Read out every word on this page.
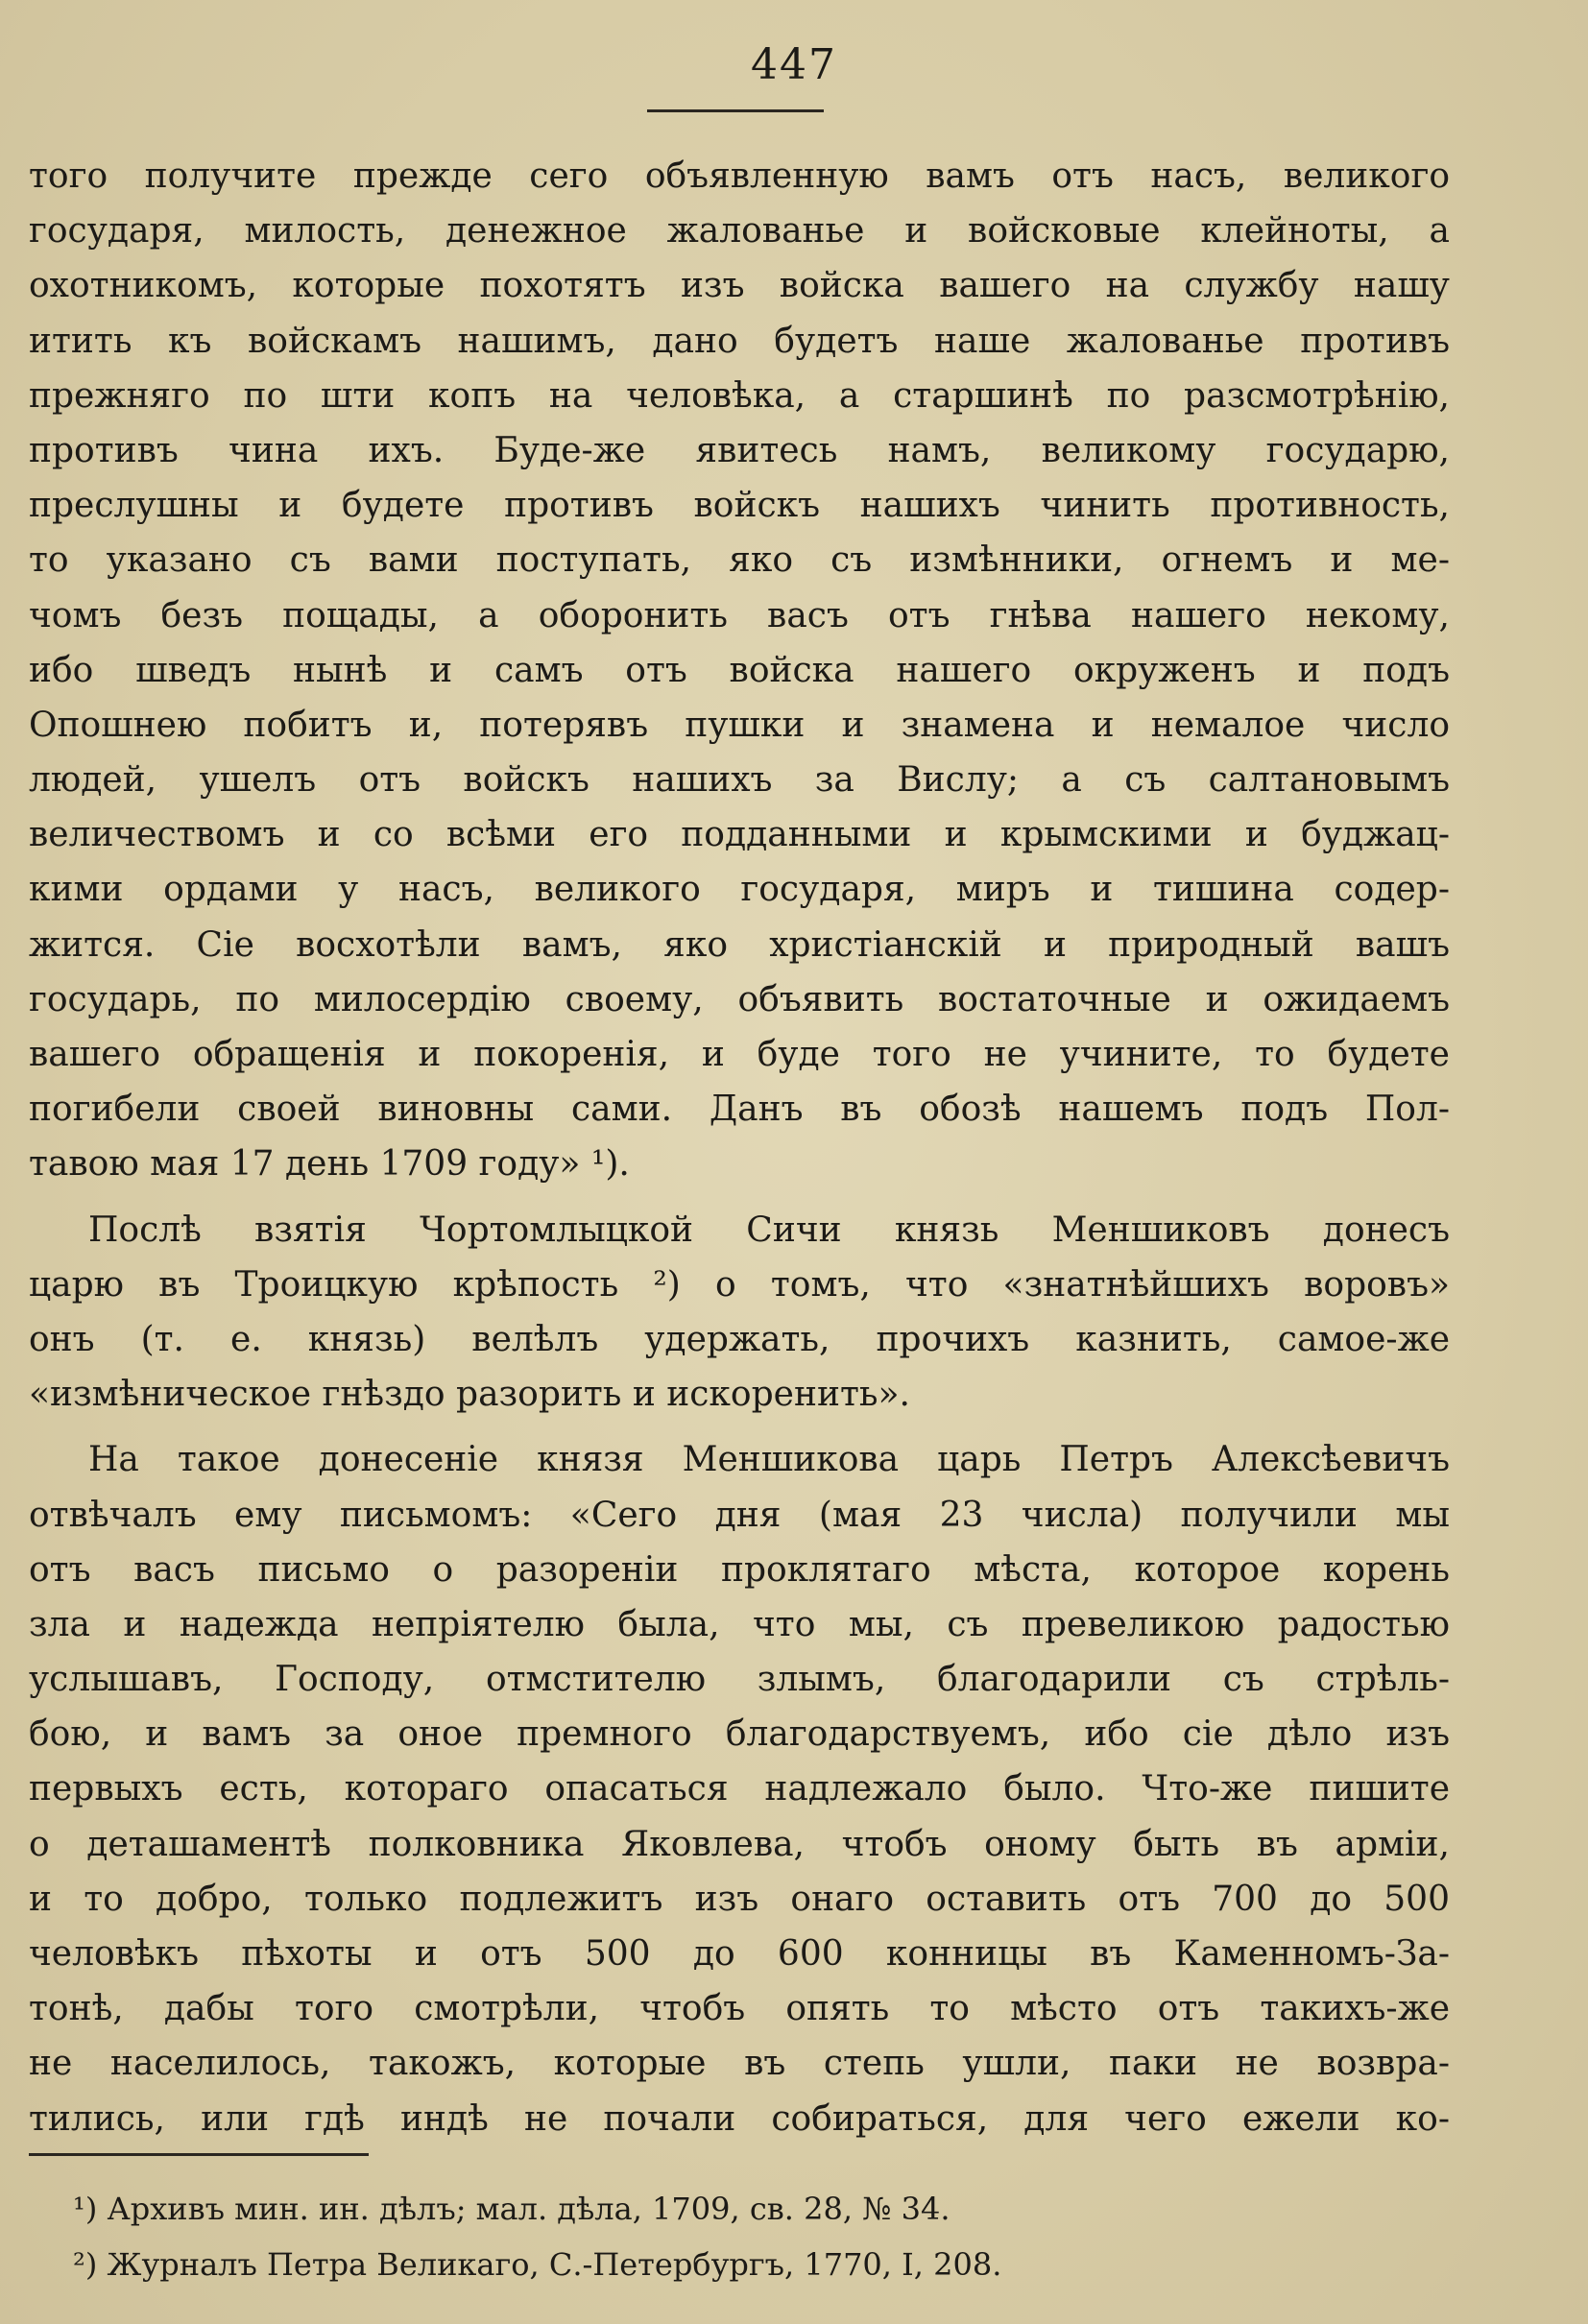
447
того получите прежде сего объявленную вамъ отъ насъ, великого
государя, милость, денежное жалованье и войсковые клейноты, а
охотникомъ, которые похотятъ изъ войска вашего на службу нашу
итить къ войскамъ нашимъ, дано будетъ наше жалованье противъ
прежняго по шти копъ на человѣка, а старшинѣ по разсмотрѣнію,
противъ чина ихъ. Буде-же явитесь намъ, великому государю,
преслушны и будете противъ войскъ нашихъ чинить противность,
то указано съ вами поступать, яко съ измѣнники, огнемъ и ме-
чомъ безъ пощады, а оборонить васъ отъ гнѣва нашего некому,
ибо шведъ нынѣ и самъ отъ войска нашего окруженъ и подъ
Опошнею побитъ и, потерявъ пушки и знамена и немалое число
людей, ушелъ отъ войскъ нашихъ за Вислу; а съ салтановымъ
величествомъ и со всѣми его подданными и крымскими и буджац-
кими ордами у насъ, великого государя, миръ и тишина содер-
жится. Сіе восхотѣли вамъ, яко христіанскій и природный вашъ
государь, по милосердію своему, объявить востаточные и ожидаемъ
вашего обращенія и покоренія, и буде того не учините, то будете
погибели своей виновны сами. Данъ въ обозѣ нашемъ подъ Пол-
тавою мая 17 день 1709 году» ¹).
Послѣ взятія Чортомлыцкой Сичи князь Меншиковъ донесъ
царю въ Троицкую крѣпость ²) о томъ, что «знатнѣйшихъ воровъ»
онъ (т. е. князь) велѣлъ удержать, прочихъ казнить, самое-же
«измѣническое гнѣздо разорить и искоренить».
На такое донесеніе князя Меншикова царь Петръ Алексѣевичъ
отвѣчалъ ему письмомъ: «Сего дня (мая 23 числа) получили мы
отъ васъ письмо о разореніи проклятаго мѣста, которое корень
зла и надежда непріятелю была, что мы, съ превеликою радостью
услышавъ, Господу, отмстителю злымъ, благодарили съ стрѣль-
бою, и вамъ за оное премного благодарствуемъ, ибо сіе дѣло изъ
первыхъ есть, котораго опасаться надлежало было. Что-же пишите
о деташаментѣ полковника Яковлева, чтобъ оному быть въ арміи,
и то добро, только подлежитъ изъ онаго оставить отъ 700 до 500
человѣкъ пѣхоты и отъ 500 до 600 конницы въ Каменномъ-За-
тонѣ, дабы того смотрѣли, чтобъ опять то мѣсто отъ такихъ-же
не населилось, такожъ, которые въ степь ушли, паки не возвра-
тились, или гдѣ индѣ не почали собираться, для чего ежели ко-
¹) Архивъ мин. ин. дѣлъ; мал. дѣла, 1709, св. 28, № 34.
²) Журналъ Петра Великаго, С.-Петербургъ, 1770, I, 208.
